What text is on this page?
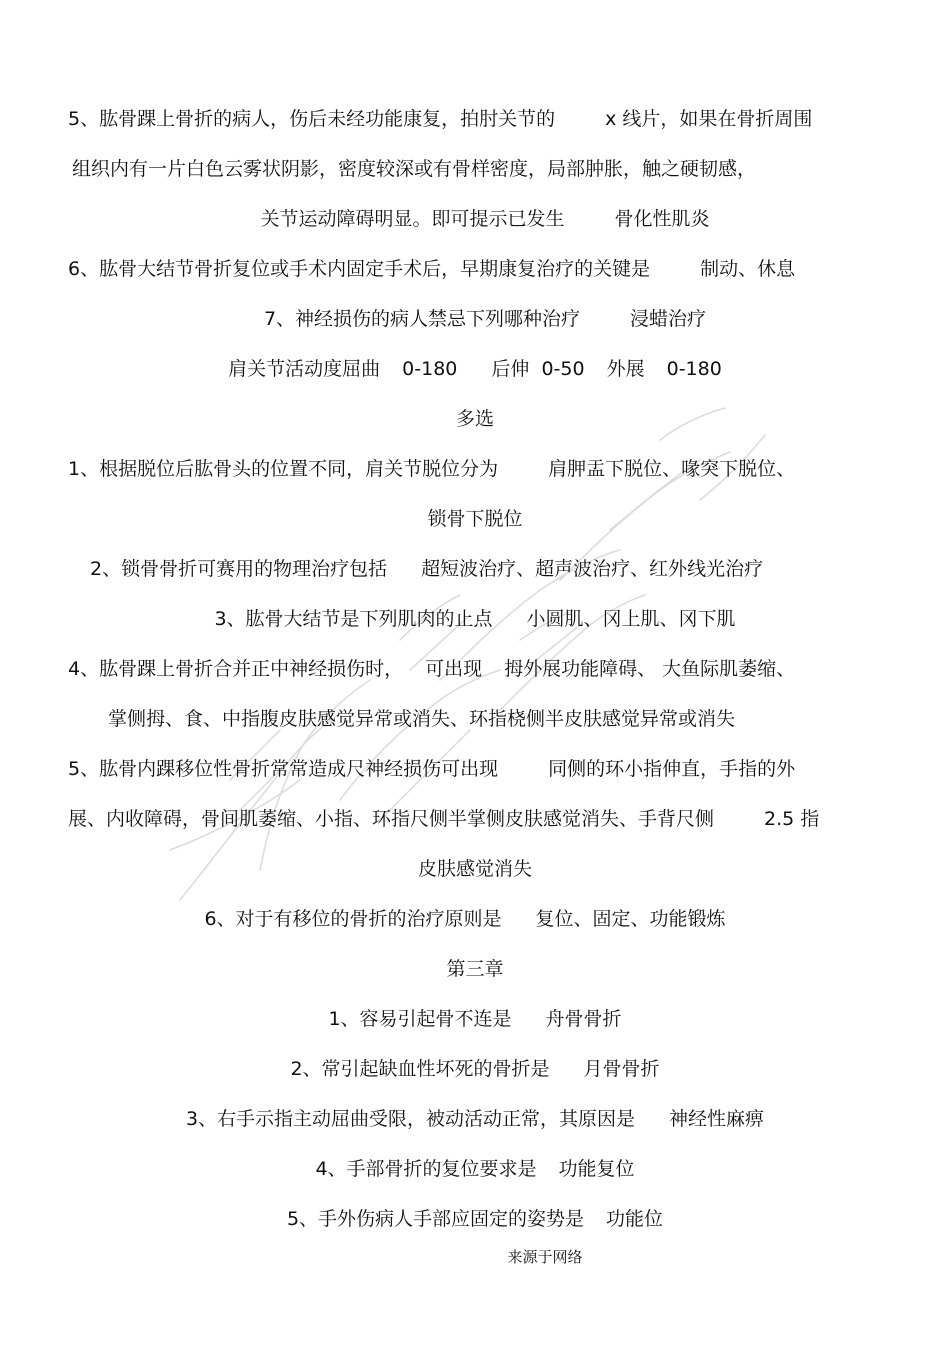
5、肱骨踝上骨折的病人，伤后未经功能康复，拍肘关节的	x 线片，如果在骨折周围
组织内有一片白色云雾状阴影，密度较深或有骨样密度，局部肿胀，触之硬韧感，
关节运动障碍明显。即可提示已发生	骨化性肌炎
6、肱骨大结节骨折复位或手术内固定手术后，早期康复治疗的关键是	制动、休息
7、神经损伤的病人禁忌下列哪种治疗	浸蜡治疗
肩关节活动度屈曲 0-180 后伸  0-50 外展 0-180
多选
1、根据脱位后肱骨头的位置不同，肩关节脱位分为	肩胛盂下脱位、喙突下脱位、
锁骨下脱位
2、锁骨骨折可赛用的物理治疗包括 超短波治疗、超声波治疗、红外线光治疗
3、肱骨大结节是下列肌肉的止点 小圆肌、冈上肌、冈下肌
4、肱骨踝上骨折合并正中神经损伤时， 可出现 拇外展功能障碍、 大鱼际肌萎缩、
掌侧拇、食、中指腹皮肤感觉异常或消失、环指桡侧半皮肤感觉异常或消失
5、肱骨内踝移位性骨折常常造成尺神经损伤可出现	同侧的环小指伸直，手指的外
展、内收障碍，骨间肌萎缩、小指、环指尺侧半掌侧皮肤感觉消失、手背尺侧	2.5 指
皮肤感觉消失
6、对于有移位的骨折的治疗原则是 复位、固定、功能锻炼
第三章
1、容易引起骨不连是 舟骨骨折
2、常引起缺血性坏死的骨折是 月骨骨折
3、右手示指主动屈曲受限，被动活动正常，其原因是 神经性麻痹
4、手部骨折的复位要求是 功能复位
5、手外伤病人手部应固定的姿势是 功能位
来源于网络
